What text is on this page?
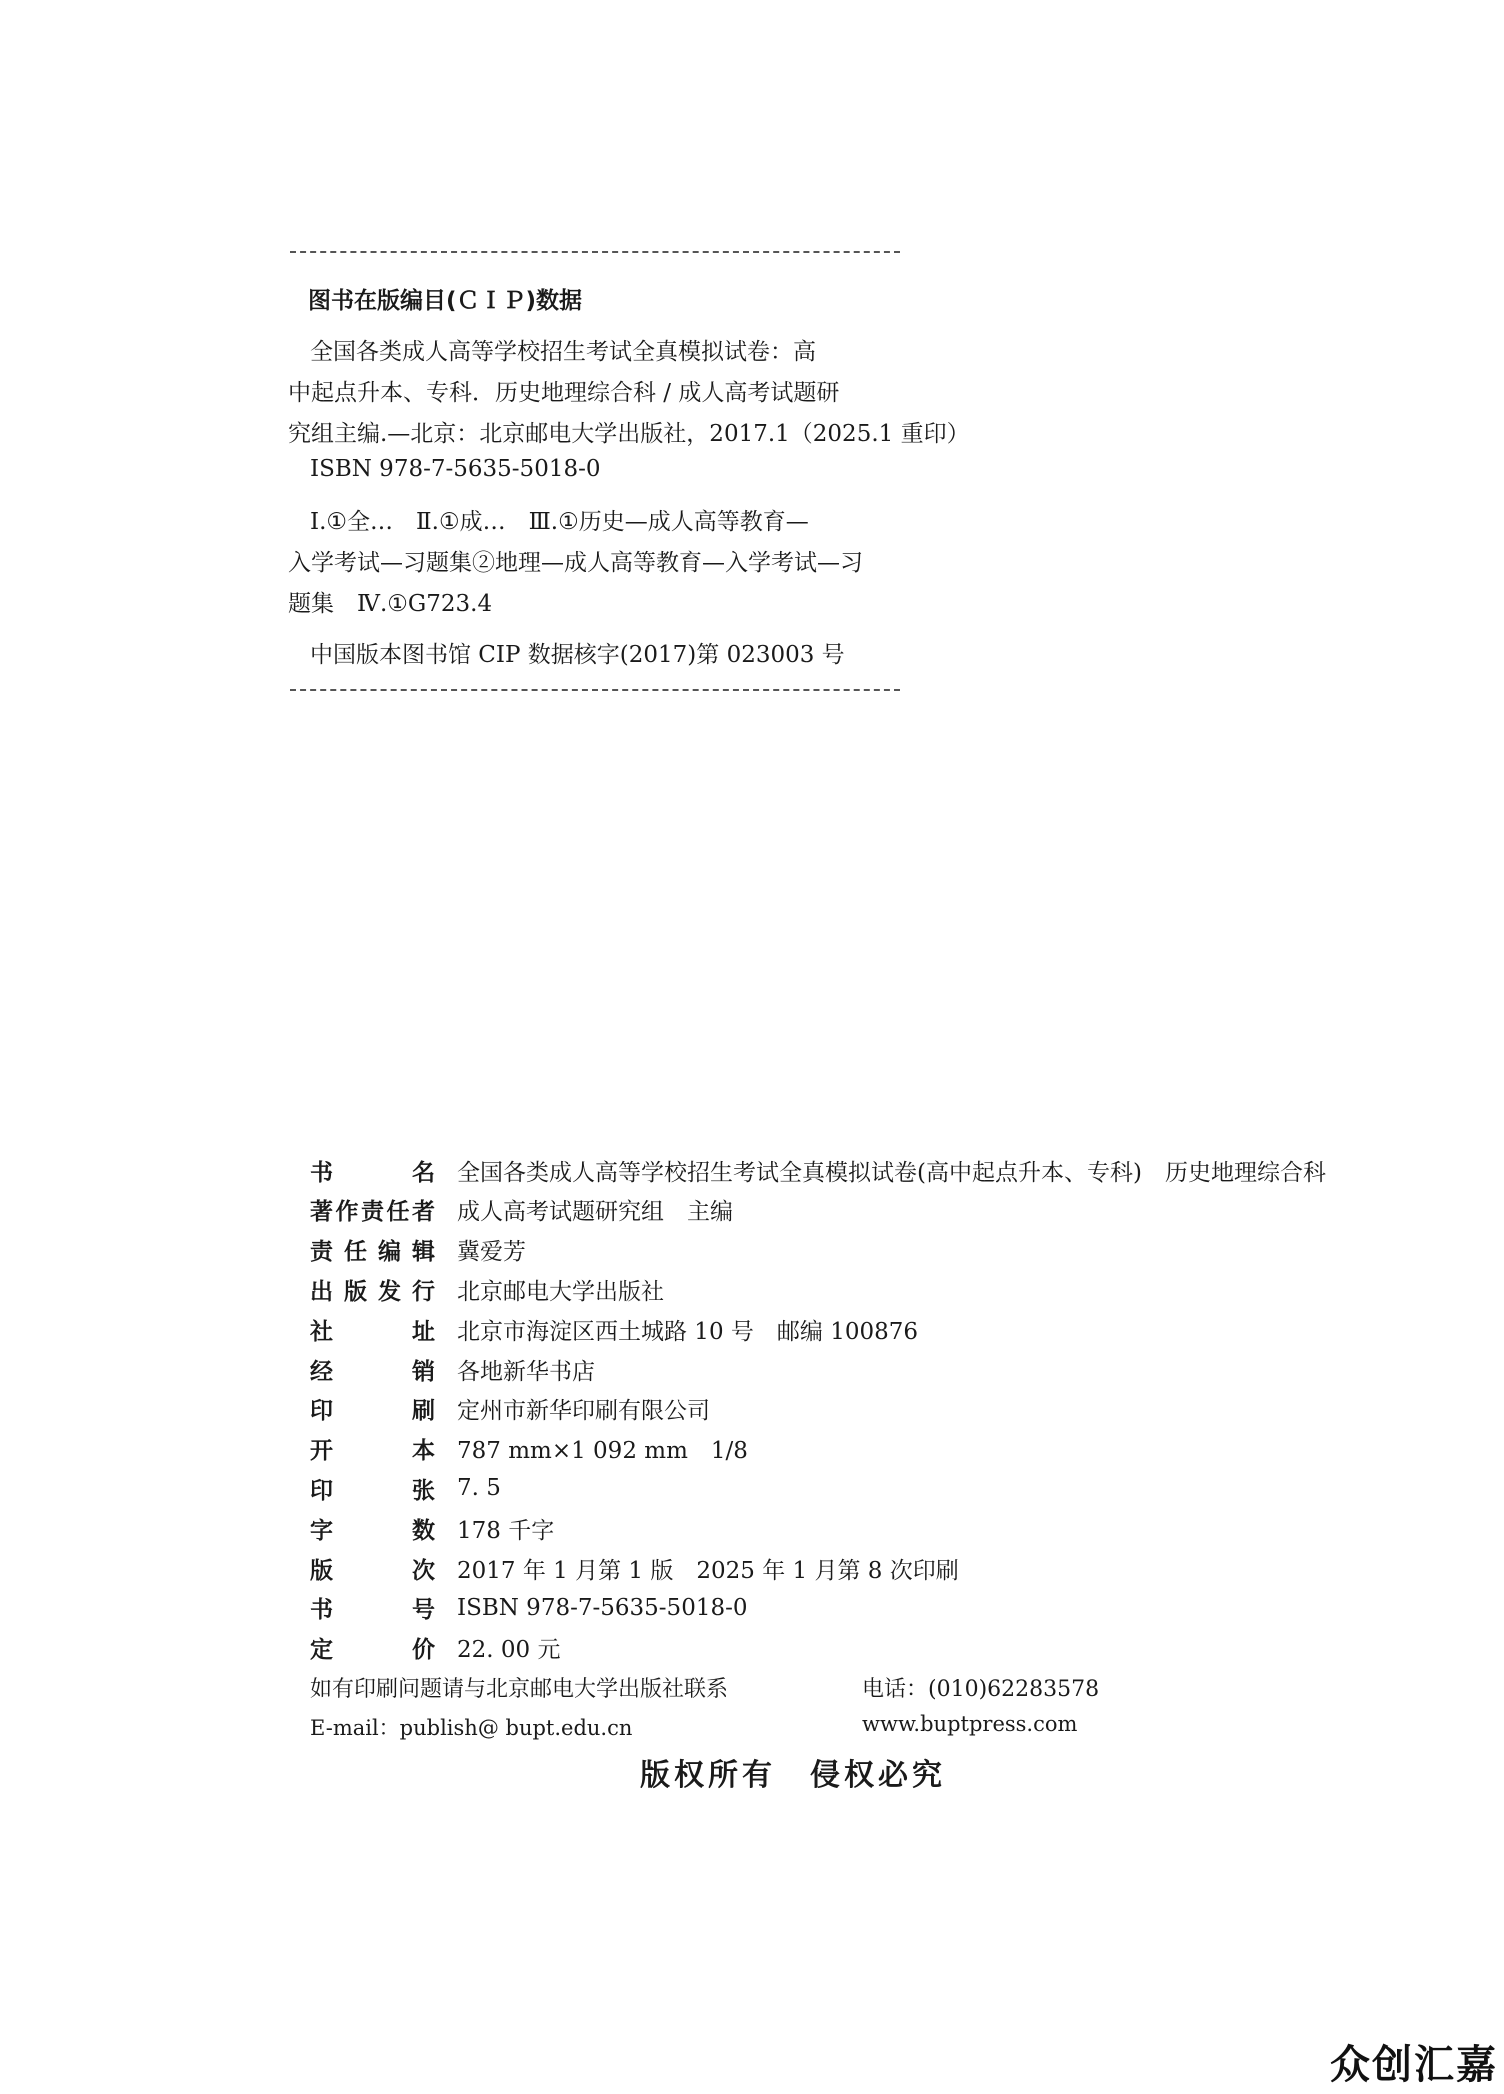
图书在版编目(ＣＩＰ)数据
全国各类成人高等学校招生考试全真模拟试卷：高
中起点升本、专科．历史地理综合科 / 成人高考试题研
究组主编.—北京：北京邮电大学出版社，2017.1（2025.1 重印）
ISBN 978-7-5635-5018-0
Ⅰ.①全…　Ⅱ.①成…　Ⅲ.①历史—成人高等教育—
入学考试—习题集②地理—成人高等教育—入学考试—习
题集　Ⅳ.①G723.4
中国版本图书馆 CIP 数据核字(2017)第 023003 号
书	名 全国各类成人高等学校招生考试全真模拟试卷(高中起点升本、专科)　历史地理综合科
著 作 责 任 者 成人高考试题研究组　主编
责 任 编 辑 冀爱芳
出 版 发 行 北京邮电大学出版社
社	址 北京市海淀区西土城路 10 号　邮编 100876
经	销 各地新华书店
印	刷 定州市新华印刷有限公司
开	本 787 mm×1 092 mm　1/8
印	张 7. 5
字	数 178 千字
版	次 2017 年 1 月第 1 版　2025 年 1 月第 8 次印刷
书	号 ISBN 978-7-5635-5018-0
定	价 22. 00 元
如有印刷问题请与北京邮电大学出版社联系	电话：(010)62283578
E-mail：publish@ bupt.edu.cn	www.buptpress.com
版权所有　侵权必究
众创汇嘉
